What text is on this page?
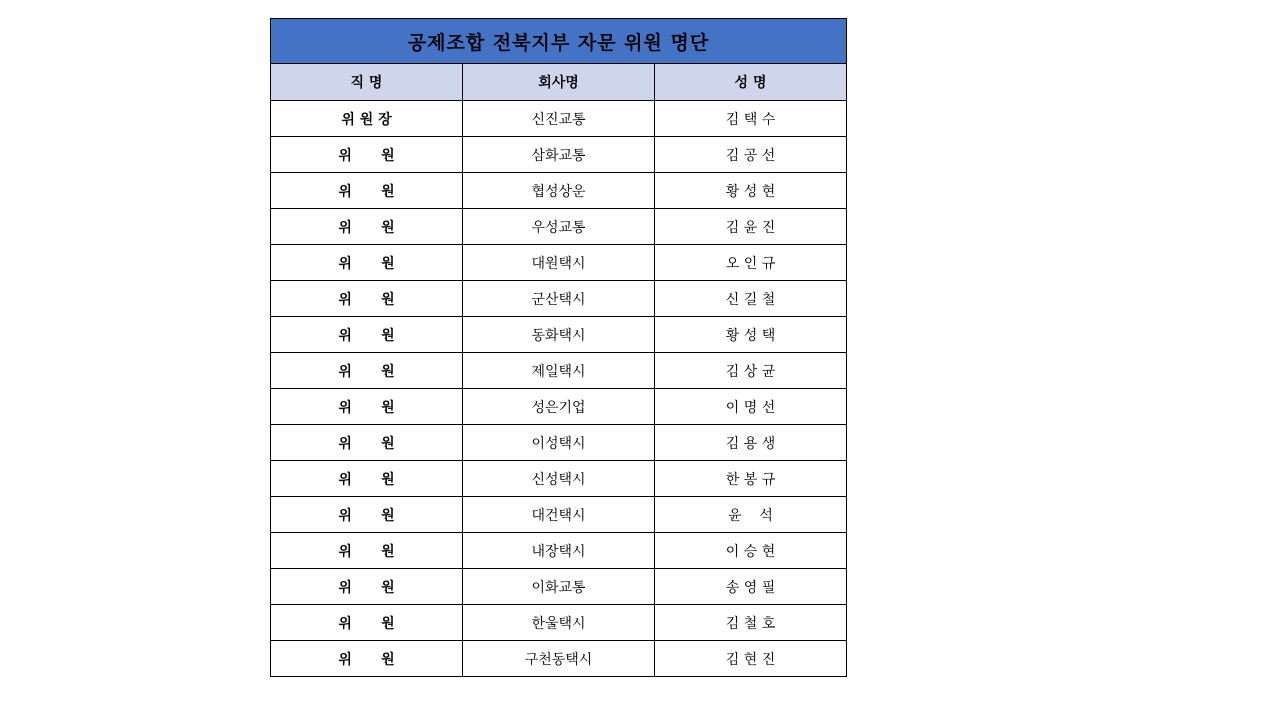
공제조합 전북지부 자문 위원 명단		
직 명	회사명	성 명
위 원 장	신진교통	김 택 수
위      원	삼화교통	김 공 선
위      원	협성상운	황 성 현
위      원	우성교통	김 윤 진
위      원	대원택시	오 인 규
위      원	군산택시	신 길 철
위      원	동화택시	황 성 택
위      원	제일택시	김 상 균
위      원	성은기업	이 명 선
위      원	이성택시	김 용 생
위      원	신성택시	한 봉 규
위      원	대건택시	윤    석
위      원	내장택시	이 승 현
위      원	이화교통	송 영 필
위      원	한울택시	김 철 호
위      원	구천동택시	김 현 진
